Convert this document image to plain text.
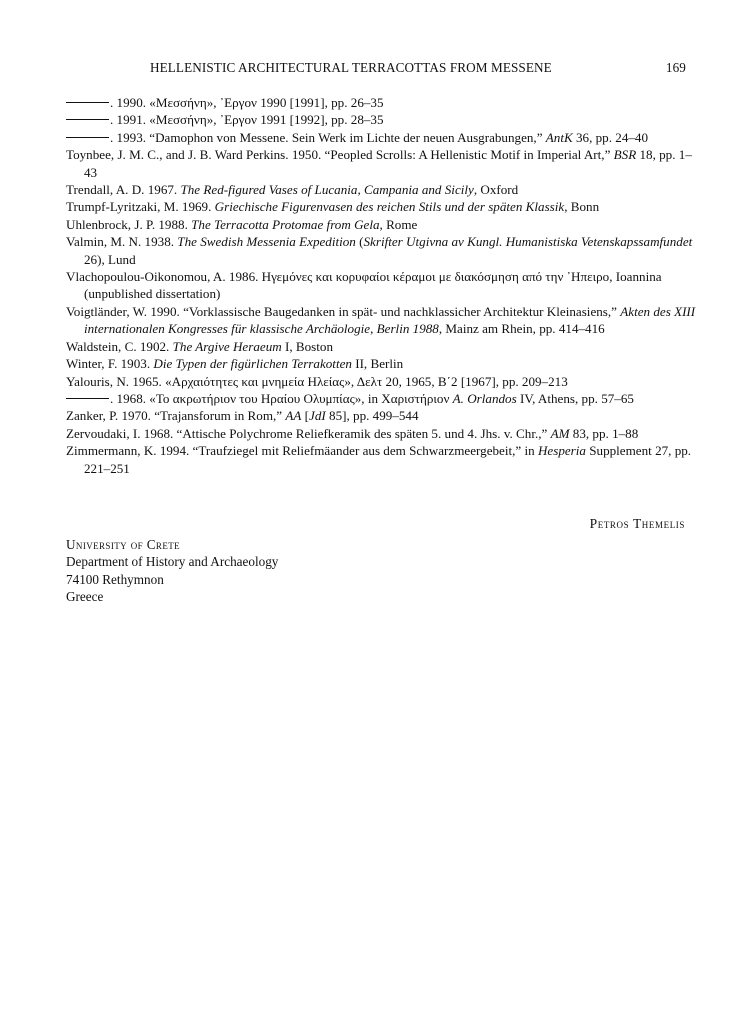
HELLENISTIC ARCHITECTURAL TERRACOTTAS FROM MESSENE	169

. 1990. «Μεσσήνη», ᾿Εργον 1990 [1991], pp. 26–35

. 1991. «Μεσσήνη», ᾿Εργον 1991 [1992], pp. 28–35

. 1993. “Damophon von Messene. Sein Werk im Lichte der neuen Ausgrabungen,” AntK 36, pp. 24–40

Toynbee, J. M. C., and J. B. Ward Perkins. 1950. “Peopled Scrolls: A Hellenistic Motif in Imperial Art,” BSR 18, pp. 1–43

Trendall, A. D. 1967. The Red-figured Vases of Lucania, Campania and Sicily, Oxford

Trumpf-Lyritzaki, M. 1969. Griechische Figurenvasen des reichen Stils und der späten Klassik, Bonn

Uhlenbrock, J. P. 1988. The Terracotta Protomae from Gela, Rome

Valmin, M. N. 1938. The Swedish Messenia Expedition (Skrifter Utgivna av Kungl. Humanistiska Vetenskapssamfundet 26), Lund

Vlachopoulou-Oikonomou, A. 1986. Ηγεμόνες και κορυφαίοι κέραμοι με διακόσμηση από την ᾿Ηπειρο, Ioannina (unpublished dissertation)

Voigtländer, W. 1990. “Vorklassische Baugedanken in spät- und nachklassicher Architektur Kleinasiens,” Akten des XIII internationalen Kongresses für klassische Archäologie, Berlin 1988, Mainz am Rhein, pp. 414–416

Waldstein, C. 1902. The Argive Heraeum I, Boston

Winter, F. 1903. Die Typen der figürlichen Terrakotten II, Berlin

Yalouris, N. 1965. «Αρχαιότητες και μνημεία Ηλείας», Δελτ 20, 1965, Β΄2 [1967], pp. 209–213

. 1968. «Το ακρωτήριον του Ηραίου Ολυμπίας», in Χαριστήριον A. Orlandos IV, Athens, pp. 57–65

Zanker, P. 1970. “Trajansforum in Rom,” AA [JdI 85], pp. 499–544

Zervoudaki, I. 1968. “Attische Polychrome Reliefkeramik des späten 5. und 4. Jhs. v. Chr.,” AM 83, pp. 1–88

Zimmermann, K. 1994. “Traufziegel mit Reliefmäander aus dem Schwarzmeergebeit,” in Hesperia Supplement 27, pp. 221–251

Petros Themelis
University of Crete
Department of History and Archaeology
74100 Rethymnon
Greece
